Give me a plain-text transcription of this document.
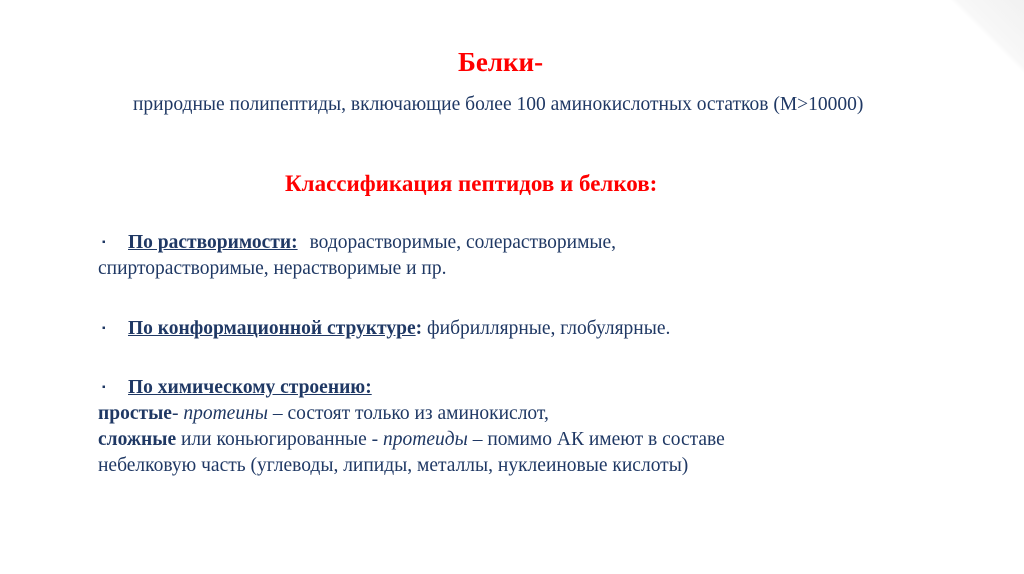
Белки-
природные полипептиды, включающие более 100 аминокислотных остатков (М>10000)
Классификация пептидов и белков:
▪ По растворимости: водорастворимые, солерастворимые,
спирторастворимые, нерастворимые и пр.
▪ По конформационной структуре: фибриллярные, глобулярные.
▪ По химическому строению:
простые- протеины – состоят только из аминокислот,
сложные или коньюгированные - протеиды – помимо АК имеют в составе
небелковую часть (углеводы, липиды, металлы, нуклеиновые кислоты)
